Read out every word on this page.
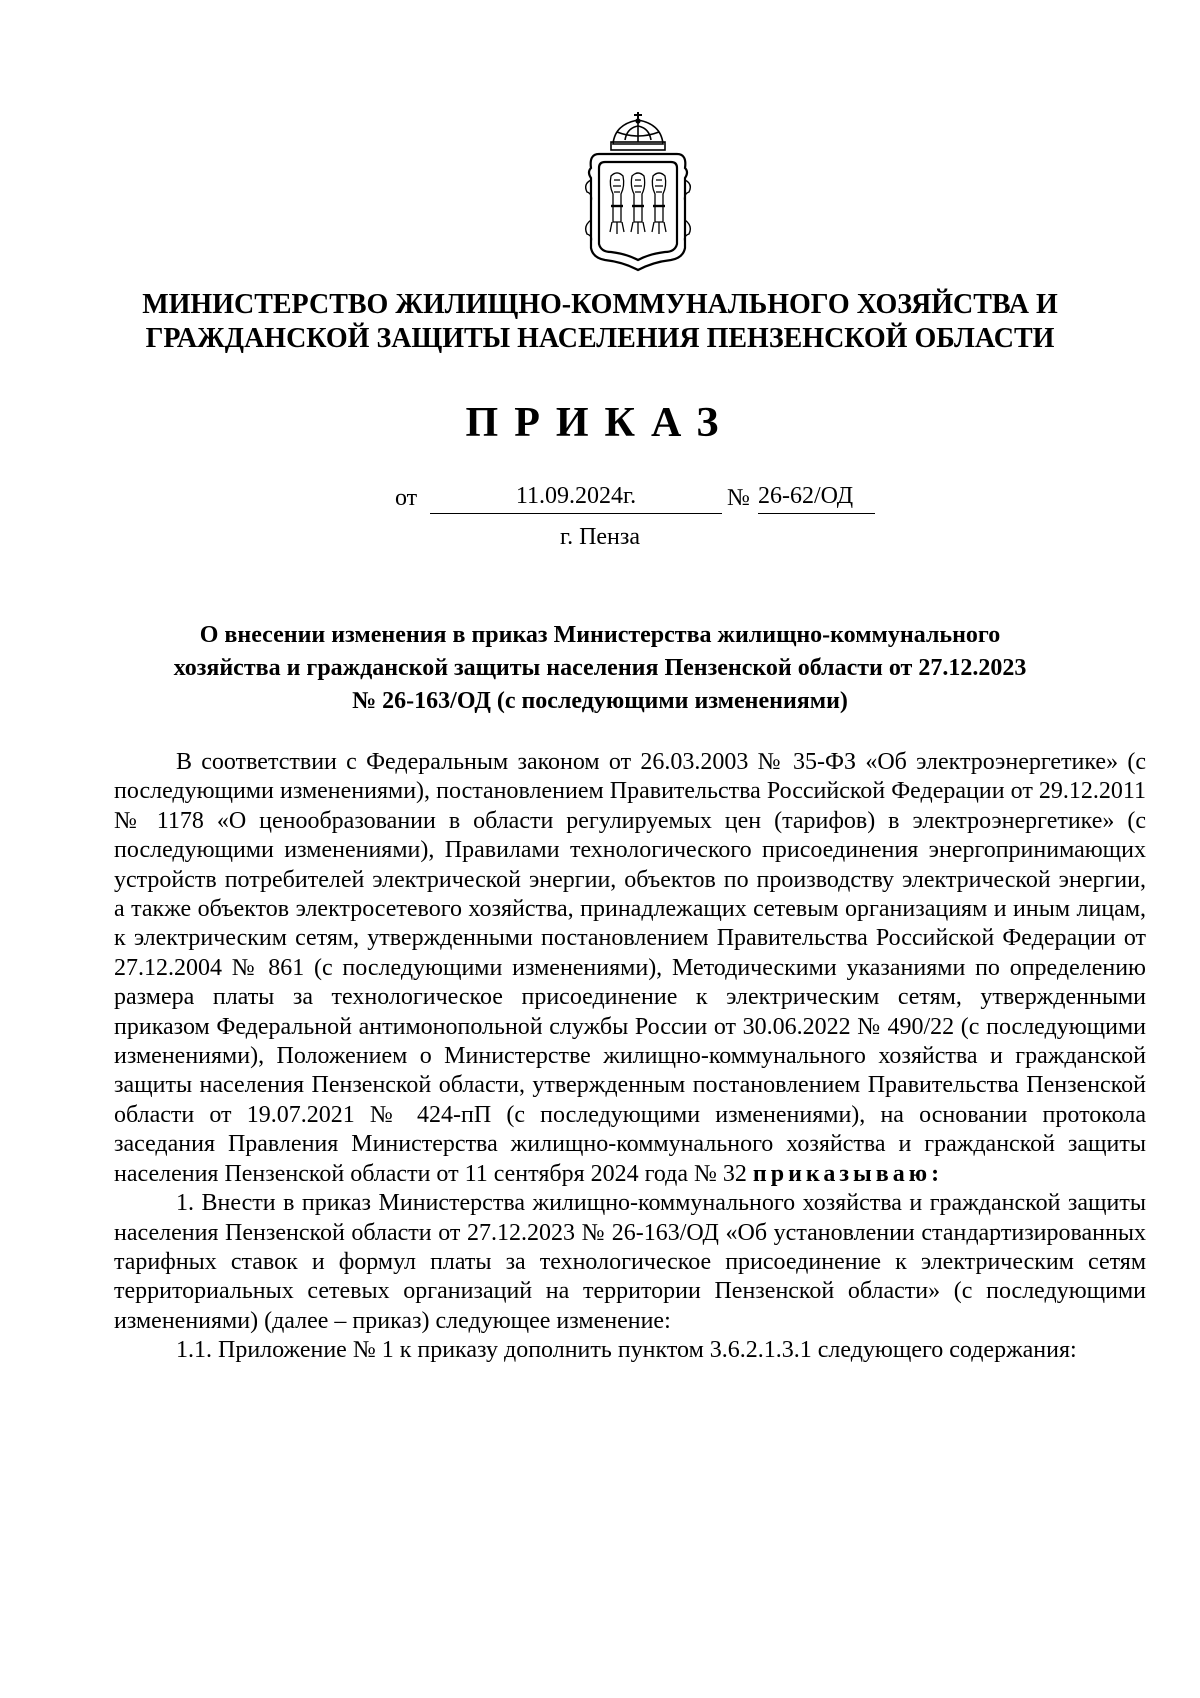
МИНИСТЕРСТВО ЖИЛИЩНО-КОММУНАЛЬНОГО ХОЗЯЙСТВА И
ГРАЖДАНСКОЙ ЗАЩИТЫ НАСЕЛЕНИЯ ПЕНЗЕНСКОЙ ОБЛАСТИ
ПРИКАЗ
от	11.09.2024г.	№ 26-62/ОД
г. Пенза
О внесении изменения в приказ Министерства жилищно-коммунального
хозяйства и гражданской защиты населения Пензенской области от 27.12.2023
№ 26-163/ОД (с последующими изменениями)

В соответствии с Федеральным законом от 26.03.2003 № 35-ФЗ «Об электроэнергетике» (с последующими изменениями), постановлением Правительства Российской Федерации от 29.12.2011 № 1178 «О ценообразовании в области регулируемых цен (тарифов) в электроэнергетике» (с последующими изменениями), Правилами технологического присоединения энергопринимающих устройств потребителей электрической энергии, объектов по производству электрической энергии, а также объектов электросетевого хозяйства, принадлежащих сетевым организациям и иным лицам, к электрическим сетям, утвержденными постановлением Правительства Российской Федерации от 27.12.2004 № 861 (с последующими изменениями), Методическими указаниями по определению размера платы за технологическое присоединение к электрическим сетям, утвержденными приказом Федеральной антимонопольной службы России от 30.06.2022 № 490/22 (с последующими изменениями), Положением о Министерстве жилищно-коммунального хозяйства и гражданской защиты населения Пензенской области, утвержденным постановлением Правительства Пензенской области от 19.07.2021 № 424-пП (с последующими изменениями), на основании протокола заседания Правления Министерства жилищно-коммунального хозяйства и гражданской защиты населения Пензенской области от 11 сентября 2024 года № 32 приказываю:

1. Внести в приказ Министерства жилищно-коммунального хозяйства и гражданской защиты населения Пензенской области от 27.12.2023 № 26-163/ОД «Об установлении стандартизированных тарифных ставок и формул платы за технологическое присоединение к электрическим сетям территориальных сетевых организаций на территории Пензенской области» (с последующими изменениями) (далее – приказ) следующее изменение:

1.1. Приложение № 1 к приказу дополнить пунктом 3.6.2.1.3.1 следующего содержания:
